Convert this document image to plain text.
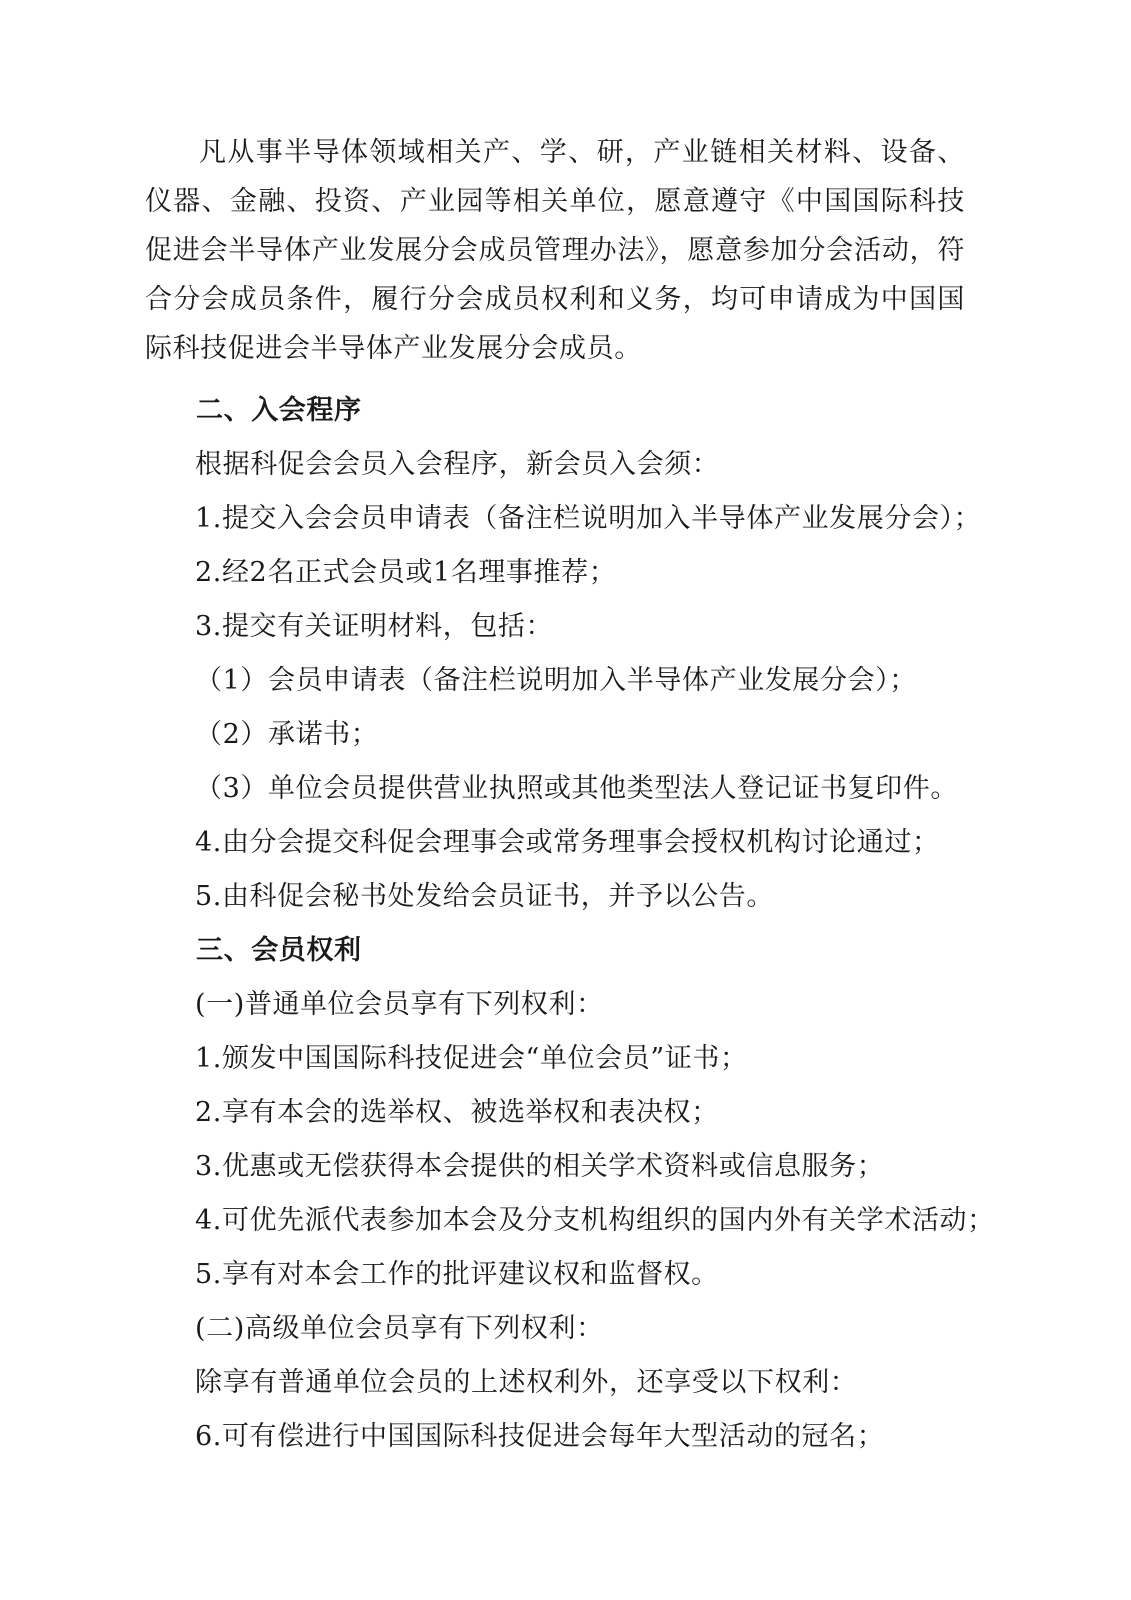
凡从事半导体领域相关产、学、研，产业链相关材料、设备、仪器、金融、投资、产业园等相关单位，愿意遵守《中国国际科技促进会半导体产业发展分会成员管理办法》，愿意参加分会活动，符合分会成员条件，履行分会成员权利和义务，均可申请成为中国国际科技促进会半导体产业发展分会成员。

二、入会程序

根据科促会会员入会程序，新会员入会须：

1.提交入会会员申请表（备注栏说明加入半导体产业发展分会）；

2.经2名正式会员或1名理事推荐；

3.提交有关证明材料，包括：

（1）会员申请表（备注栏说明加入半导体产业发展分会）；

（2）承诺书；

（3）单位会员提供营业执照或其他类型法人登记证书复印件。

4.由分会提交科促会理事会或常务理事会授权机构讨论通过；

5.由科促会秘书处发给会员证书，并予以公告。

三、会员权利

(一)普通单位会员享有下列权利：

1.颁发中国国际科技促进会“单位会员”证书；

2.享有本会的选举权、被选举权和表决权；

3.优惠或无偿获得本会提供的相关学术资料或信息服务；

4.可优先派代表参加本会及分支机构组织的国内外有关学术活动；

5.享有对本会工作的批评建议权和监督权。

(二)高级单位会员享有下列权利：

除享有普通单位会员的上述权利外，还享受以下权利：

6.可有偿进行中国国际科技促进会每年大型活动的冠名；
